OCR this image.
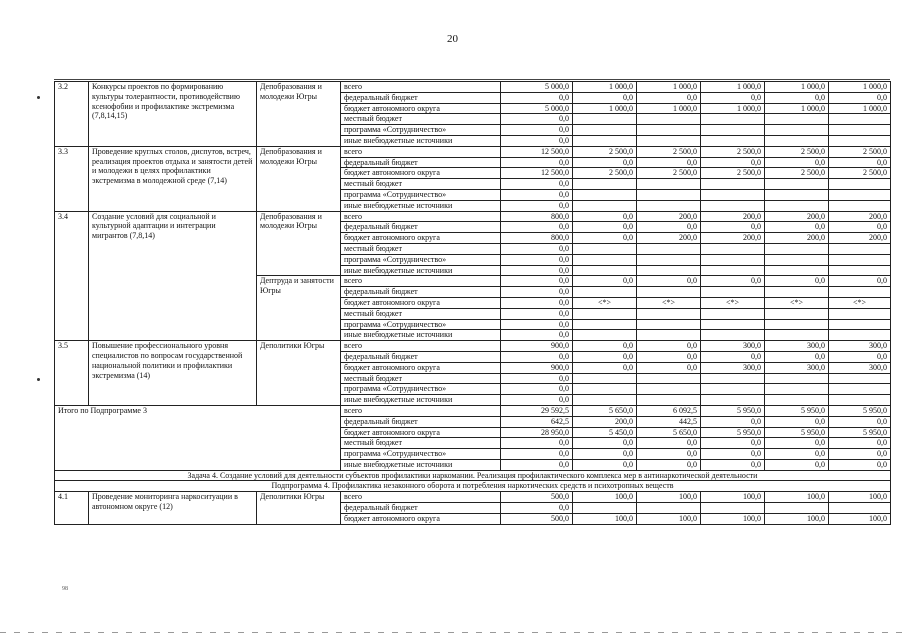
20
3.2	Конкурсы проектов по формированию культуры толерантности, противодействию ксенофобии и профилактике экстремизма (7,8,14,15)	Депобразования и молодежи Югры	всего	5 000,0	1 000,0	1 000,0	1 000,0	1 000,0	1 000,0
			федеральный бюджет	0,0	0,0	0,0	0,0	0,0	0,0
			бюджет автономного округа	5 000,0	1 000,0	1 000,0	1 000,0	1 000,0	1 000,0
			местный бюджет	0,0					
			программа «Сотрудничество»	0,0					
			иные внебюджетные источники	0,0					
3.3	Проведение круглых столов, диспутов, встреч, реализация проектов отдыха и занятости детей и молодежи в целях профилактики экстремизма в молодежной среде (7,14)	Депобразования и молодежи Югры	всего	12 500,0	2 500,0	2 500,0	2 500,0	2 500,0	2 500,0
			федеральный бюджет	0,0	0,0	0,0	0,0	0,0	0,0
			бюджет автономного округа	12 500,0	2 500,0	2 500,0	2 500,0	2 500,0	2 500,0
			местный бюджет	0,0					
			программа «Сотрудничество»	0,0					
			иные внебюджетные источники	0,0					
3.4	Создание условий для социальной и культурной адаптации и интеграции мигрантов (7,8,14)	Депобразования и молодежи Югры	всего	800,0	0,0	200,0	200,0	200,0	200,0
			федеральный бюджет	0,0	0,0	0,0	0,0	0,0	0,0
			бюджет автономного округа	800,0	0,0	200,0	200,0	200,0	200,0
			местный бюджет	0,0					
			программа «Сотрудничество»	0,0					
			иные внебюджетные источники	0,0					
		Дептруда и занятости Югры	всего	0,0	0,0	0,0	0,0	0,0	0,0
			федеральный бюджет	0,0					
			бюджет автономного округа	0,0	<*>	<*>	<*>	<*>	<*>
			местный бюджет	0,0					
			программа «Сотрудничество»	0,0					
			иные внебюджетные источники	0,0					
3.5	Повышение профессионального уровня специалистов по вопросам государственной национальной политики и профилактики экстремизма (14)	Деполитики Югры	всего	900,0	0,0	0,0	300,0	300,0	300,0
			федеральный бюджет	0,0	0,0	0,0	0,0	0,0	0,0
			бюджет автономного округа	900,0	0,0	0,0	300,0	300,0	300,0
			местный бюджет	0,0					
			программа «Сотрудничество»	0,0					
			иные внебюджетные источники	0,0					
Итого по Подпрограмме 3			всего	29 592,5	5 650,0	6 092,5	5 950,0	5 950,0	5 950,0
			федеральный бюджет	642,5	200,0	442,5	0,0	0,0	0,0
			бюджет автономного округа	28 950,0	5 450,0	5 650,0	5 950,0	5 950,0	5 950,0
			местный бюджет	0,0	0,0	0,0	0,0	0,0	0,0
			программа «Сотрудничество»	0,0	0,0	0,0	0,0	0,0	0,0
			иные внебюджетные источники	0,0	0,0	0,0	0,0	0,0	0,0
Задача 4. Создание условий для деятельности субъектов профилактики наркомании. Реализация профилактического комплекса мер в антинаркотической деятельности									
Подпрограмма 4. Профилактика незаконного оборота и потребления наркотических средств и психотропных веществ									
4.1	Проведение мониторинга наркоситуации в автономном округе (12)	Деполитики Югры	всего	500,0	100,0	100,0	100,0	100,0	100,0
			федеральный бюджет	0,0					
			бюджет автономного округа	500,0	100,0	100,0	100,0	100,0	100,0
98
